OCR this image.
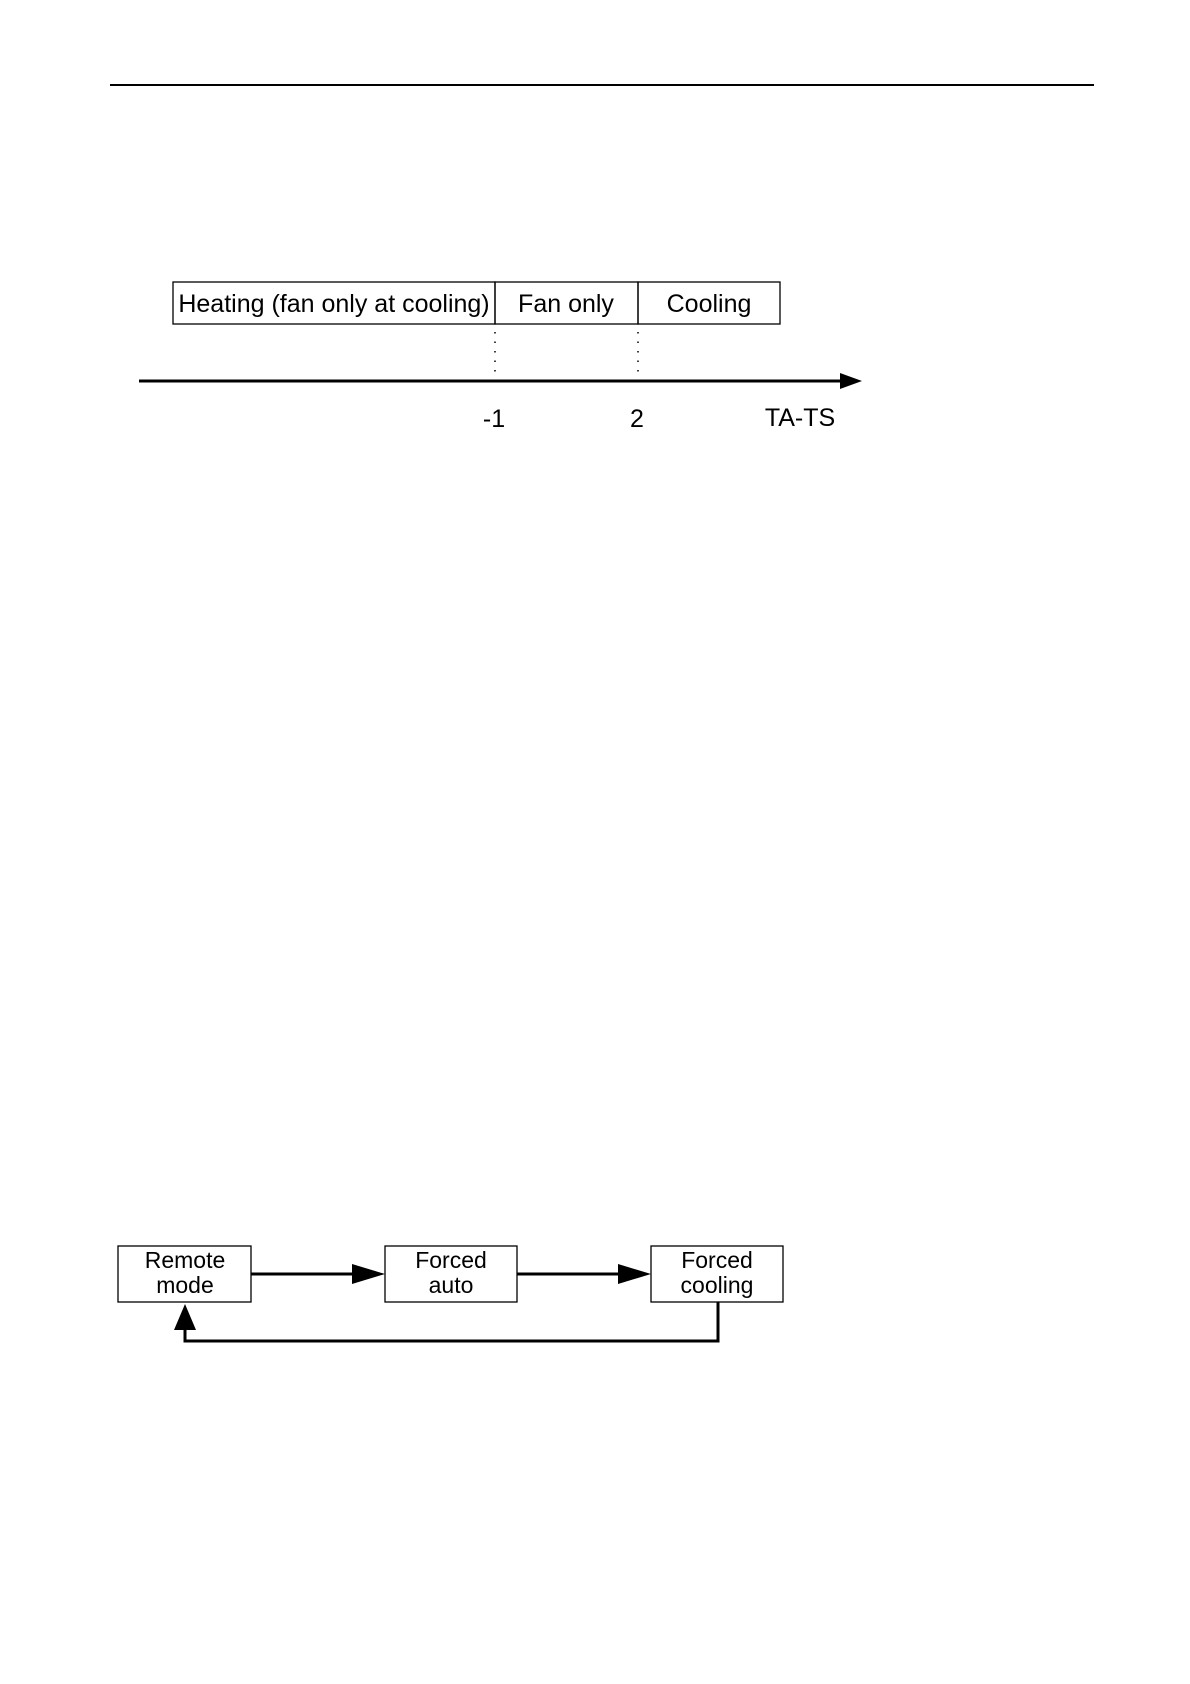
Heating (fan only at cooling) Fan only Cooling
-1	2	TA-TS
Remote
mode
Forced
auto
Forced
cooling
